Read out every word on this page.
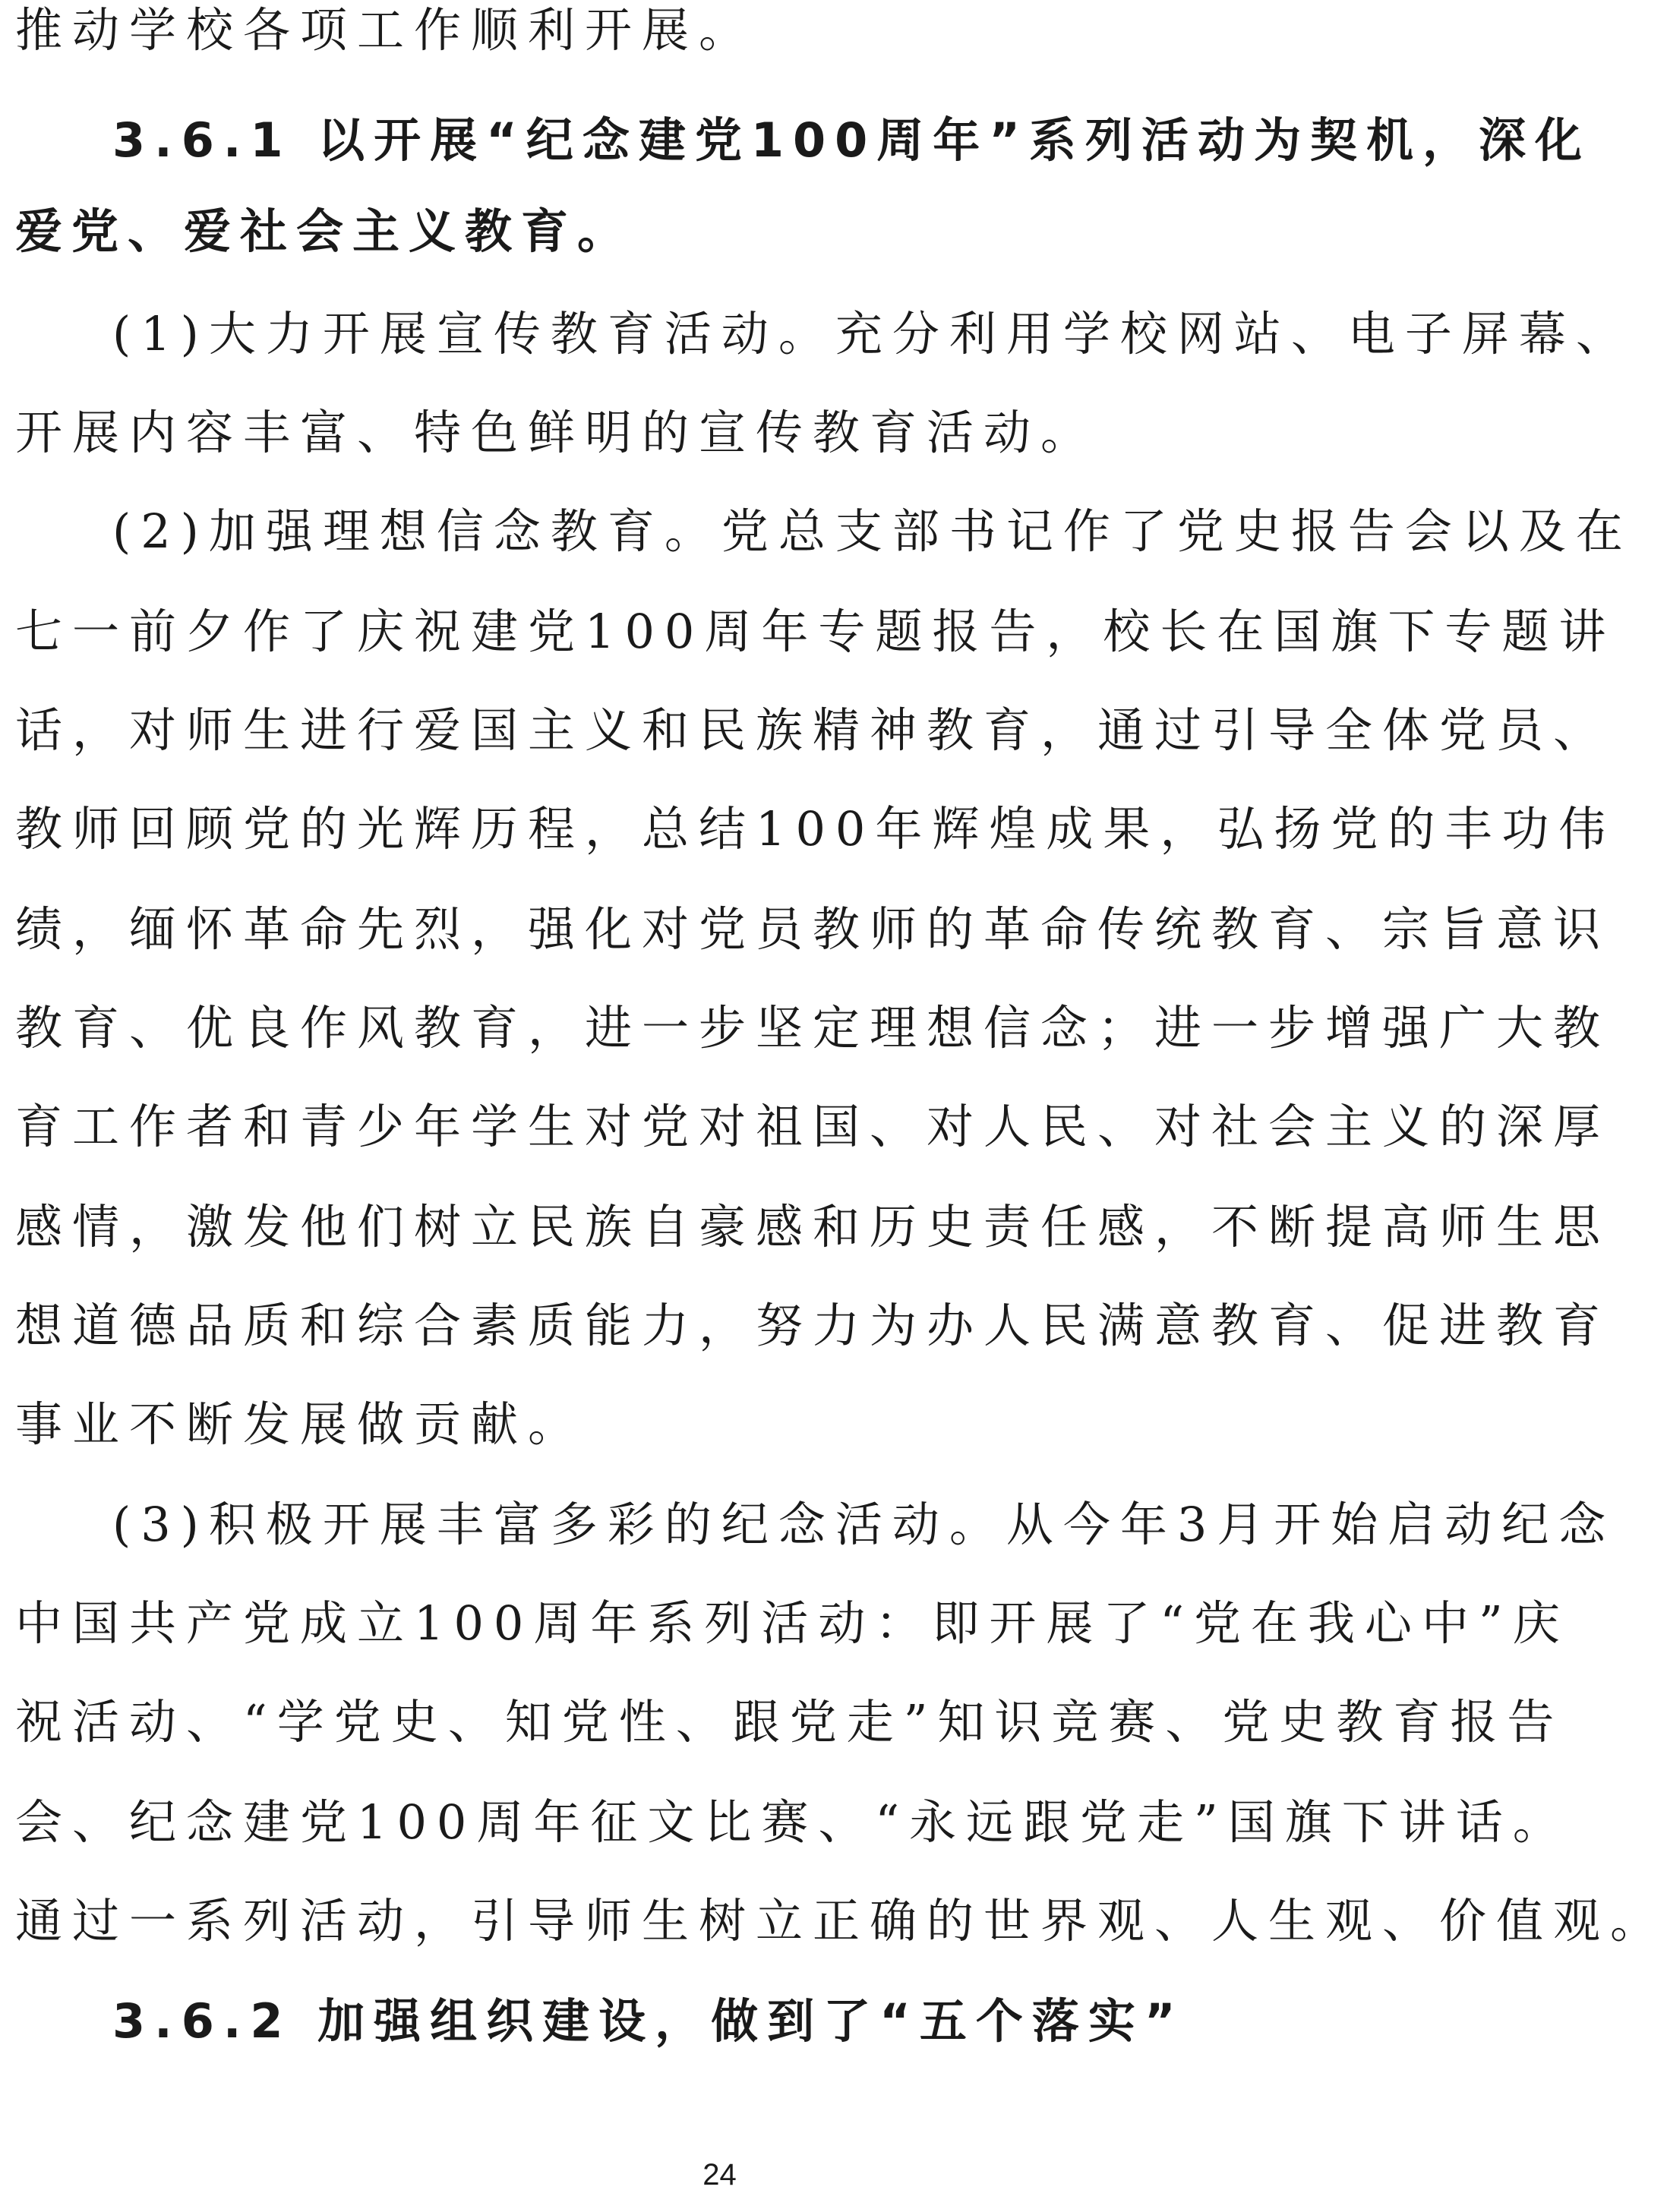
推动学校各项工作顺利开展。
3.6.1 以开展“纪念建党100周年”系列活动为契机，深化
爱党、爱社会主义教育。
(1)大力开展宣传教育活动。充分利用学校网站、电子屏幕、
开展内容丰富、特色鲜明的宣传教育活动。
(2)加强理想信念教育。党总支部书记作了党史报告会以及在
七一前夕作了庆祝建党100周年专题报告，校长在国旗下专题讲
话，对师生进行爱国主义和民族精神教育，通过引导全体党员、
教师回顾党的光辉历程，总结100年辉煌成果，弘扬党的丰功伟
绩，缅怀革命先烈，强化对党员教师的革命传统教育、宗旨意识
教育、优良作风教育，进一步坚定理想信念；进一步增强广大教
育工作者和青少年学生对党对祖国、对人民、对社会主义的深厚
感情，激发他们树立民族自豪感和历史责任感，不断提高师生思
想道德品质和综合素质能力，努力为办人民满意教育、促进教育
事业不断发展做贡献。
(3)积极开展丰富多彩的纪念活动。从今年3月开始启动纪念
中国共产党成立100周年系列活动：即开展了“党在我心中”庆
祝活动、“学党史、知党性、跟党走”知识竞赛、党史教育报告
会、纪念建党100周年征文比赛、“永远跟党走”国旗下讲话。
通过一系列活动，引导师生树立正确的世界观、人生观、价值观。
3.6.2 加强组织建设，做到了“五个落实”
24
